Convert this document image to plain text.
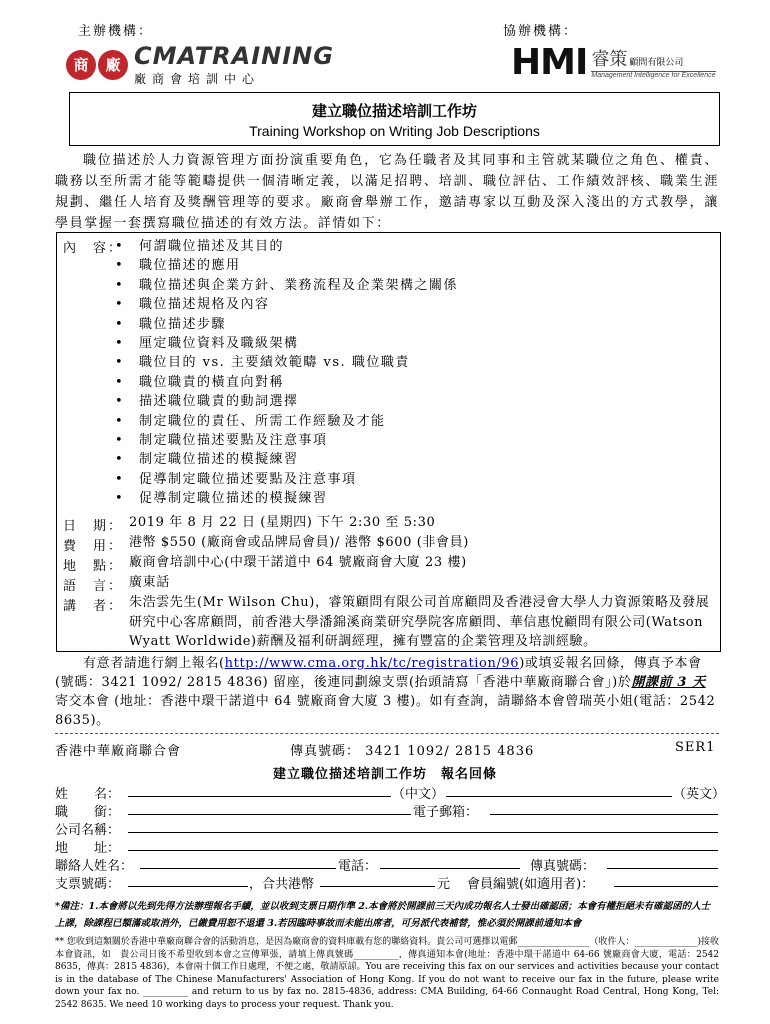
主辦機構：	協辦機構：
商	廠 CMATRAINING
廠商會培訓中心	HMI 睿策 顧問有限公司
Management Intelligence for Excellence
建立職位描述培訓工作坊
Training Workshop on Writing Job Descriptions
職位描述於人力資源管理方面扮演重要角色，它為任職者及其同事和主管就某職位之角色、權責、職務以至所需才能等範疇提供一個清晰定義，以滿足招聘、培訓、職位評估、工作績效評核、職業生涯規劃、繼任人培育及獎酬管理等的要求。廠商會舉辦工作，邀請專家以互動及深入淺出的方式教學，讓學員掌握一套撰寫職位描述的有效方法。詳情如下：
內　容：
•	何謂職位描述及其目的
• 職位描述的應用
• 職位描述與企業方針、業務流程及企業架構之關係
• 職位描述規格及內容
• 職位描述步驟
• 厘定職位資料及職級架構
• 職位目的 vs. 主要績效範疇 vs. 職位職責
• 職位職責的橫直向對稱
• 描述職位職責的動詞選擇
• 制定職位的責任、所需工作經驗及才能
• 制定職位描述要點及注意事項
• 制定職位描述的模擬練習
• 促導制定職位描述要點及注意事項
• 促導制定職位描述的模擬練習
日　期： 2019 年 8 月 22 日 (星期四) 下午 2:30 至 5:30
費　用： 港幣 $550 (廠商會或品牌局會員)/ 港幣 $600 (非會員)
地　點： 廠商會培訓中心(中環干諾道中 64 號廠商會大廈 23 樓)
語　言： 廣東話
講　者： 朱浩雲先生(Mr Wilson Chu)，睿策顧問有限公司首席顧問及香港浸會大學人力資源策略及發展研究中心客席顧問，前香港大學潘錦溪商業研究學院客席顧問、華信惠悅顧問有限公司(Watson Wyatt Worldwide)薪酬及福利研調經理，擁有豐富的企業管理及培訓經驗。
有意者請進行網上報名(http://www.cma.org.hk/tc/registration/96)或填妥報名回條，傳真予本會(號碼：3421 1092/ 2815 4836) 留座，後連同劃線支票(抬頭請寫「香港中華廠商聯合會」)於開課前 3 天 寄交本會 (地址：香港中環干諾道中 64 號廠商會大廈 3 樓)。如有查詢，請聯絡本會曾瑞英小姐(電話：2542 8635)。
香港中華廠商聯合會	傳真號碼： 3421 1092/ 2815 4836	SER1
建立職位描述培訓工作坊　報名回條
姓　　名：	（中文）	（英文）
職　　銜：	電子郵箱：
公司名稱：
地　　址：
聯絡人姓名：	電話：	傳真號碼：
支票號碼：	，合共港幣	元 會員編號(如適用者)：
*備注：1.本會將以先到先得方法辦理報名手續，並以收到支票日期作準 2.本會將於開課前三天內成功報名人士發出確認函；本會有權拒絕未有確認函的人士上課，除課程已額滿或取消外，已繳費用恕不退還 3.若因臨時事故而未能出席者，可另派代表補替，惟必須於開課前通知本會
** 您收到這類關於香港中華廠商聯合會的活動消息，是因為廠商會的資料庫載有您的聯絡資料。貴公司可選擇以電郵________________（收件人：______________)接收本會資訊，如　貴公司日後不希望收到本會之宣傳單張，請填上傳真號碼__________，傳真通知本會(地址：香港中環干諾道中 64-66 號廠商會大廈，電話：2542 8635，傳真：2815 4836)，本會兩十個工作日處理，不便之處，敬請原諒。You are receiving this fax on our services and activities because your contact is in the database of The Chinese Manufacturers' Association of Hong Kong. If you do not want to receive our fax in the future, please write down your fax no. __________ and return to us by fax no. 2815-4836, address: CMA Building, 64-66 Connaught Road Central, Hong Kong, Tel: 2542 8635. We need 10 working days to process your request. Thank you.
